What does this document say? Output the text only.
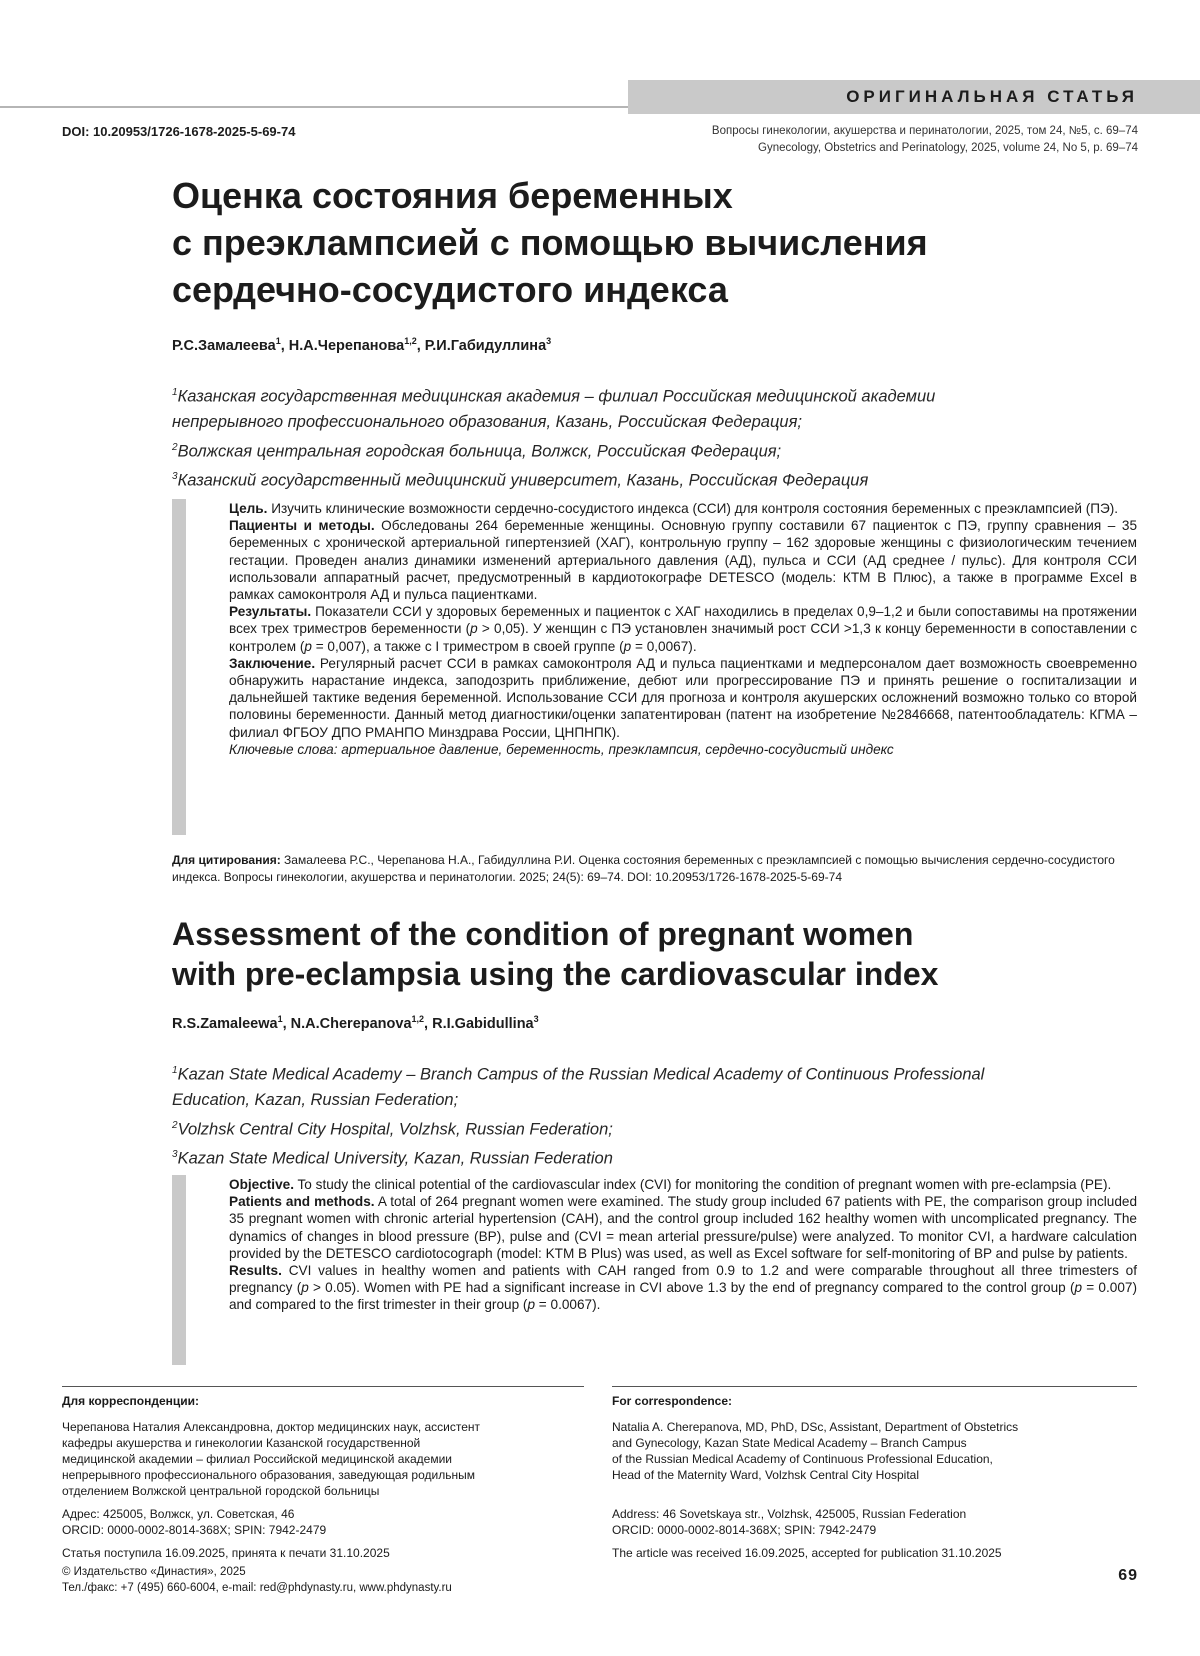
ОРИГИНАЛЬНАЯ СТАТЬЯ
DOI: 10.20953/1726-1678-2025-5-69-74	Вопросы гинекологии, акушерства и перинатологии, 2025, том 24, №5, с. 69–74
Gynecology, Obstetrics and Perinatology, 2025, volume 24, No 5, p. 69–74
Оценка состояния беременных
с преэклампсией с помощью вычисления
сердечно-сосудистого индекса
Р.С.Замалеева$^1$, Н.А.Черепанова$^{1,2}$, Р.И.Габидуллина$^3$
$^1$Казанская государственная медицинская академия – филиал Российская медицинской академии
непрерывного профессионального образования, Казань, Российская Федерация;
$^2$Волжская центральная городская больница, Волжск, Российская Федерация;
$^3$Казанский государственный медицинский университет, Казань, Российская Федерация

Цель. Изучить клинические возможности сердечно-сосудистого индекса (ССИ) для контроля состояния беременных с преэклампсией (ПЭ).

Пациенты и методы. Обследованы 264 беременные женщины. Основную группу составили 67 пациенток с ПЭ, группу сравнения – 35 беременных с хронической артериальной гипертензией (ХАГ), контрольную группу – 162 здоровые женщины с физиологическим течением гестации. Проведен анализ динамики изменений артериального давления (АД), пульса и ССИ (АД среднее / пульс). Для контроля ССИ использовали аппаратный расчет, предусмотренный в кардиотокографе DETESCO (модель: КТМ В Плюс), а также в программе Excel в рамках самоконтроля АД и пульса пациентками.

Результаты. Показатели ССИ у здоровых беременных и пациенток с ХАГ находились в пределах 0,9–1,2 и были сопоставимы на протяжении всех трех триместров беременности (p > 0,05). У женщин с ПЭ установлен значимый рост ССИ >1,3 к концу беременности в сопоставлении с контролем (p = 0,007), а также с I триместром в своей группе (p = 0,0067).

Заключение. Регулярный расчет ССИ в рамках самоконтроля АД и пульса пациентками и медперсоналом дает возможность своевременно обнаружить нарастание индекса, заподозрить приближение, дебют или прогрессирование ПЭ и принять решение о госпитализации и дальнейшей тактике ведения беременной. Использование ССИ для прогноза и контроля акушерских осложнений возможно только со второй половины беременности. Данный метод диагностики/оценки запатентирован (патент на изобретение №2846668, патентообладатель: КГМА – филиал ФГБОУ ДПО РМАНПО Минздрава России, ЦНПНПК).

Ключевые слова: артериальное давление, беременность, преэклампсия, сердечно-сосудистый индекс

Для цитирования: Замалеева Р.С., Черепанова Н.А., Габидуллина Р.И. Оценка состояния беременных с преэклампсией с помощью вычисления сердечно-сосудистого индекса. Вопросы гинекологии, акушерства и перинатологии. 2025; 24(5): 69–74. DOI: 10.20953/1726-1678-2025-5-69-74
Assessment of the condition of pregnant women
with pre-eclampsia using the cardiovascular index
R.S.Zamaleewa$^1$, N.A.Cherepanova$^{1,2}$, R.I.Gabidullina$^3$
$^1$Kazan State Medical Academy – Branch Campus of the Russian Medical Academy of Continuous Professional
Education, Kazan, Russian Federation;
$^2$Volzhsk Central City Hospital, Volzhsk, Russian Federation;
$^3$Kazan State Medical University, Kazan, Russian Federation

Objective. To study the clinical potential of the cardiovascular index (CVI) for monitoring the condition of pregnant women with pre-eclampsia (PE).

Patients and methods. A total of 264 pregnant women were examined. The study group included 67 patients with PE, the comparison group included 35 pregnant women with chronic arterial hypertension (CAH), and the control group included 162 healthy women with uncomplicated pregnancy. The dynamics of changes in blood pressure (BP), pulse and (CVI = mean arterial pressure/pulse) were analyzed. To monitor CVI, a hardware calculation provided by the DETESCO cardiotocograph (model: KTM B Plus) was used, as well as Excel software for self-monitoring of BP and pulse by patients.

Results. CVI values in healthy women and patients with CAH ranged from 0.9 to 1.2 and were comparable throughout all three trimesters of pregnancy (p > 0.05). Women with PE had a significant increase in CVI above 1.3 by the end of pregnancy compared to the control group (p = 0.007) and compared to the first trimester in their group (p = 0.0067).

Для корреспонденции:

Черепанова Наталия Александровна, доктор медицинских наук, ассистент
кафедры акушерства и гинекологии Казанской государственной
медицинской академии – филиал Российской медицинской академии
непрерывного профессионального образования, заведующая родильным
отделением Волжской центральной городской больницы

Адрес: 425005, Волжск, ул. Советская, 46
ORCID: 0000-0002-8014-368X; SPIN: 7942-2479

Статья поступила 16.09.2025, принята к печати 31.10.2025

For correspondence:

Natalia A. Cherepanova, MD, PhD, DSc, Assistant, Department of Obstetrics
and Gynecology, Kazan State Medical Academy – Branch Campus
of the Russian Medical Academy of Continuous Professional Education,
Head of the Maternity Ward, Volzhsk Central City Hospital

Address: 46 Sovetskaya str., Volzhsk, 425005, Russian Federation
ORCID: 0000-0002-8014-368X; SPIN: 7942-2479

The article was received 16.09.2025, accepted for publication 31.10.2025

© Издательство «Династия», 2025
Тел./факс: +7 (495) 660-6004, e-mail: red@phdynasty.ru, www.phdynasty.ru
69
